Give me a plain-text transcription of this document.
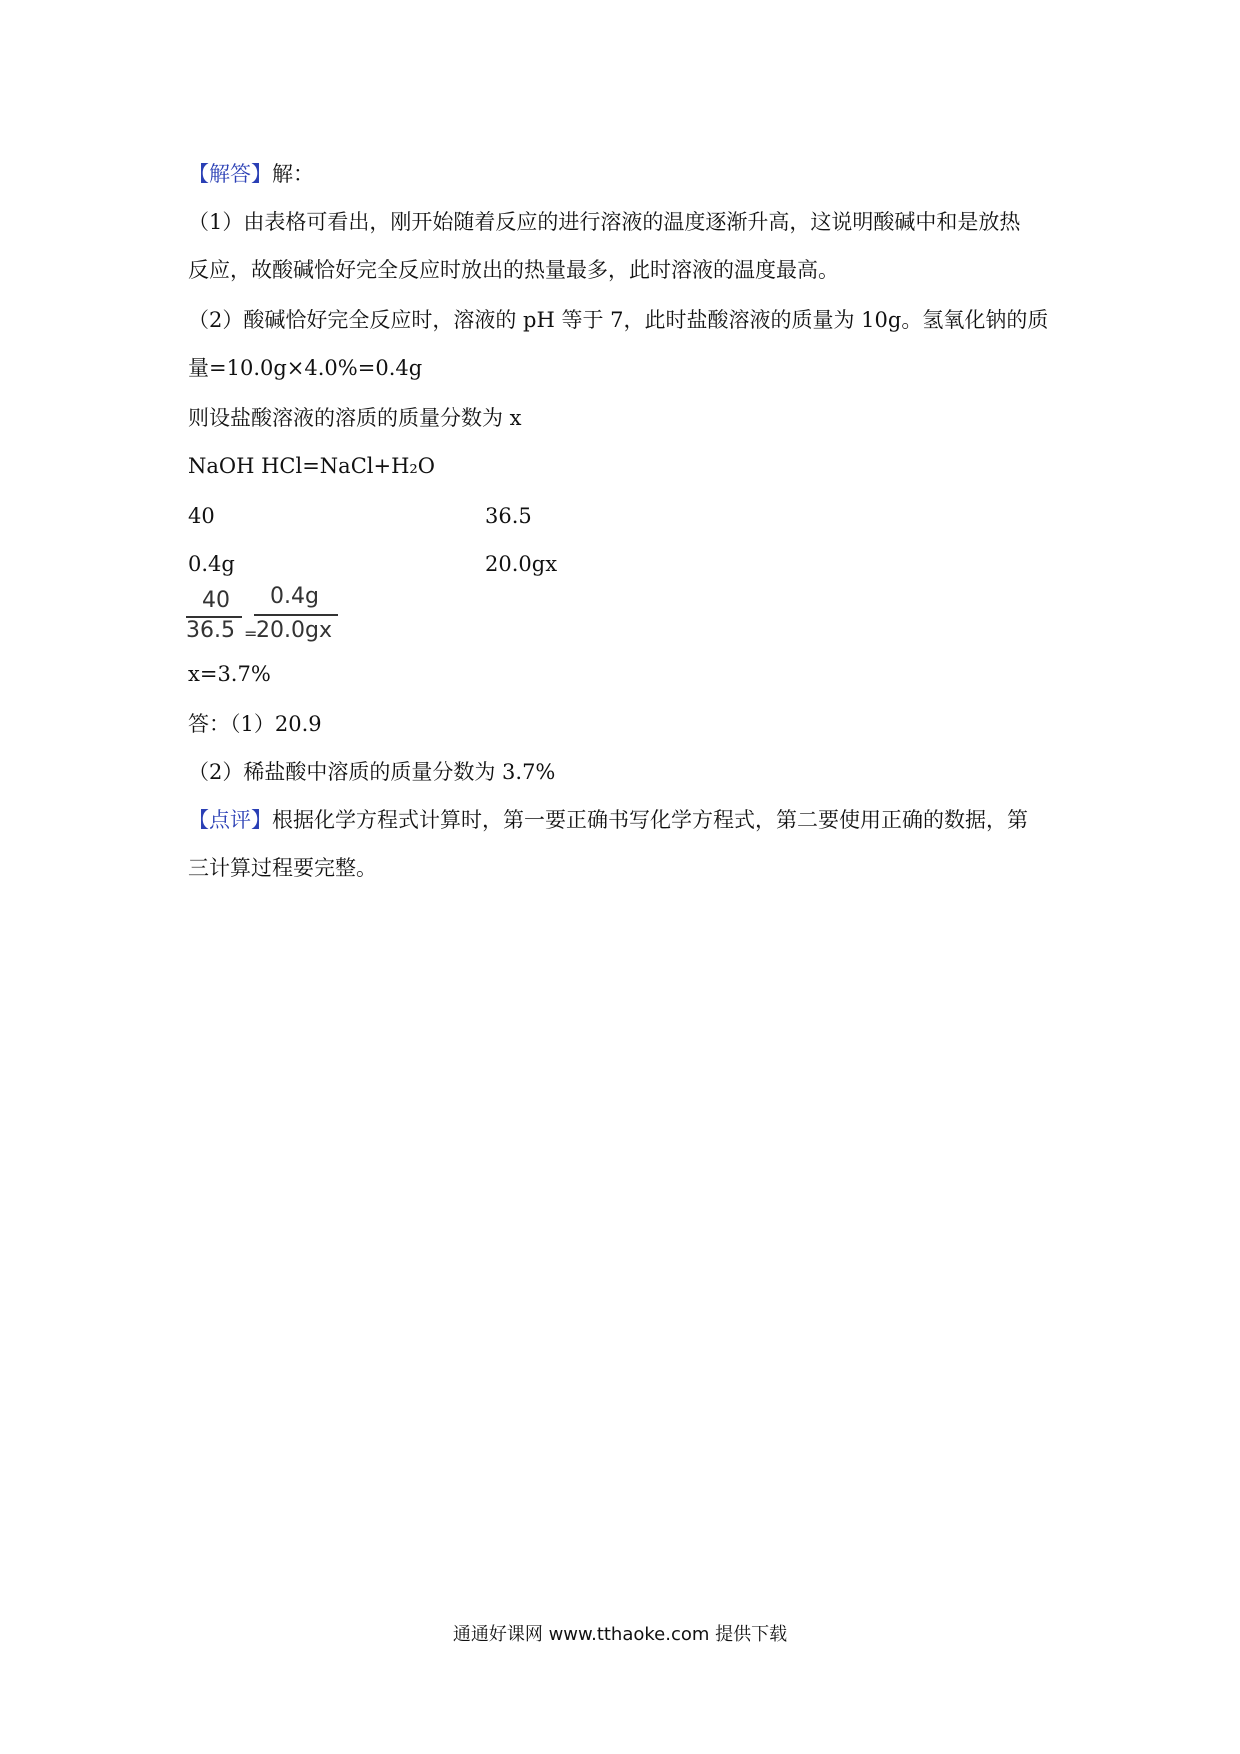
【解答】解：
（1）由表格可看出，刚开始随着反应的进行溶液的温度逐渐升高，这说明酸碱中和是放热
反应，故酸碱恰好完全反应时放出的热量最多，此时溶液的温度最高。
（2）酸碱恰好完全反应时，溶液的 pH 等于 7，此时盐酸溶液的质量为 10g。氢氧化钠的质
量=10.0g×4.0%=0.4g
则设盐酸溶液的溶质的质量分数为 x
NaOH HCl=NaCl+H₂O
40	36.5
0.4g	20.0gx
40 0.4g
36.5 =
20.0gx
x=3.7%
答：（1）20.9
（2）稀盐酸中溶质的质量分数为 3.7%
【点评】根据化学方程式计算时，第一要正确书写化学方程式，第二要使用正确的数据，第
三计算过程要完整。
通通好课网 www.tthaoke.com 提供下载
